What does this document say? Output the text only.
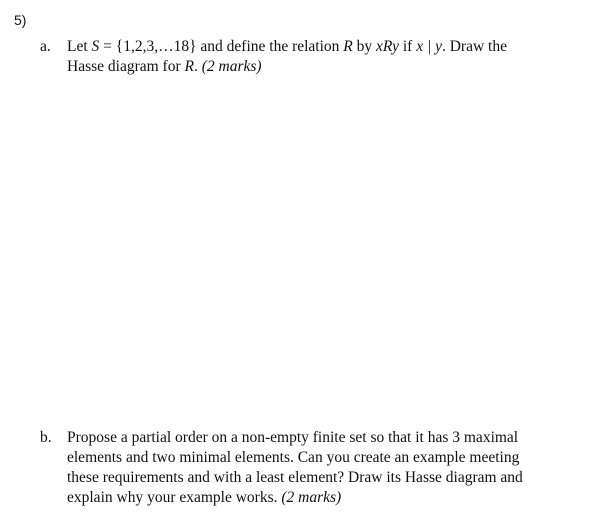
5)
a.	Let S = {1,2,3,…18} and define the relation R by xRy if x | y. Draw the
Hasse diagram for R. (2 marks)
b. Propose a partial order on a non-empty finite set so that it has 3 maximal
elements and two minimal elements. Can you create an example meeting
these requirements and with a least element? Draw its Hasse diagram and
explain why your example works. (2 marks)
